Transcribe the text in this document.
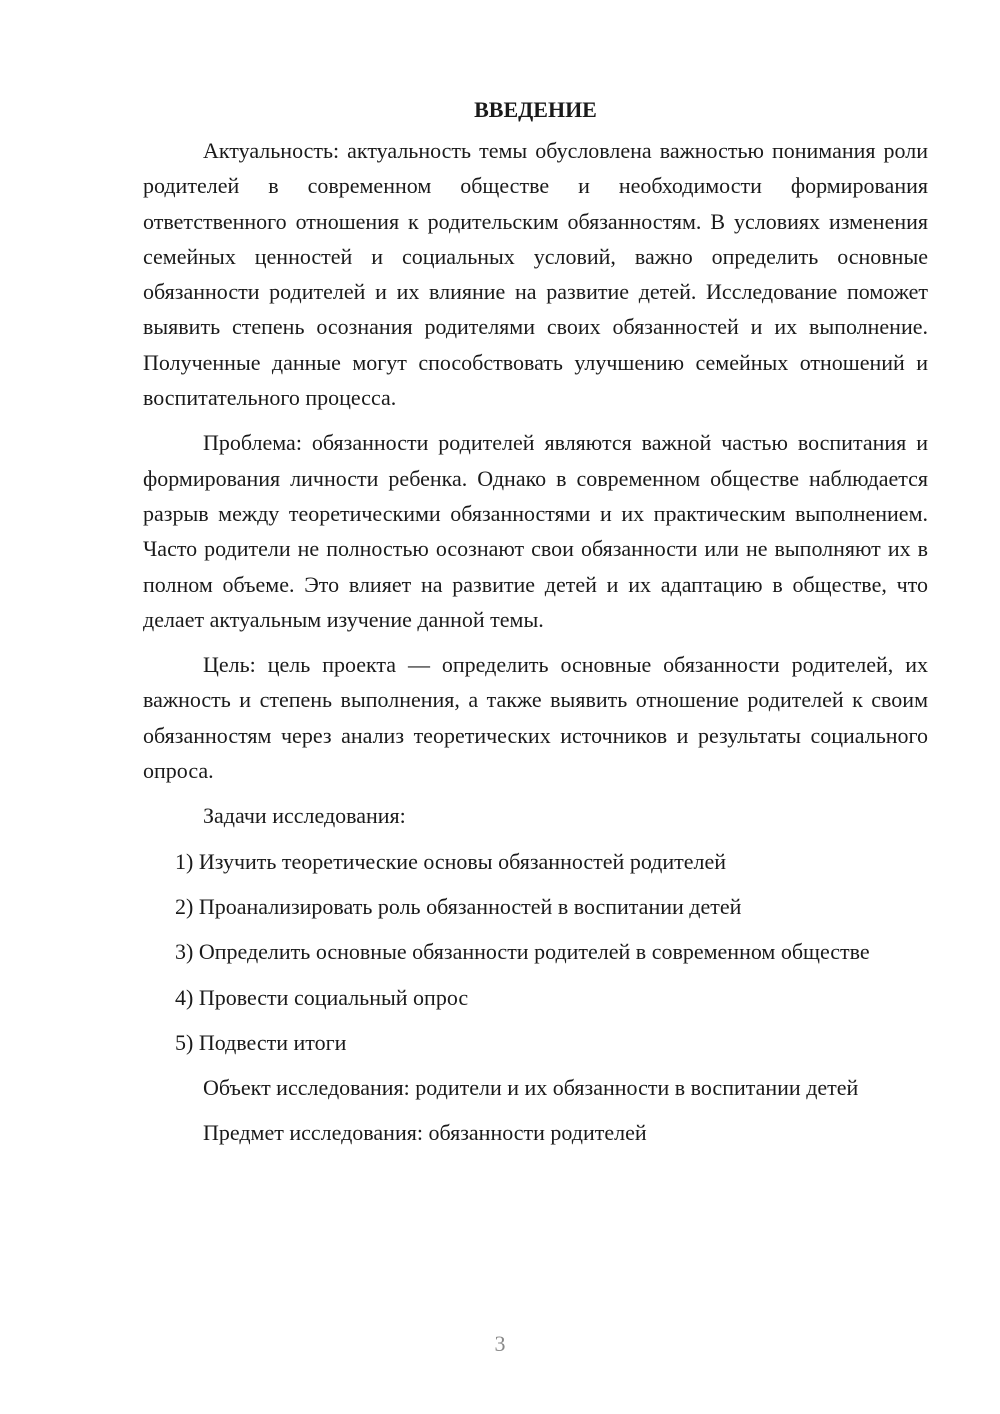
ВВЕДЕНИЕ

Актуальность: актуальность темы обусловлена важностью понимания роли родителей в современном обществе и необходимости формирования ответственного отношения к родительским обязанностям. В условиях изменения семейных ценностей и социальных условий, важно определить основные обязанности родителей и их влияние на развитие детей. Исследование поможет выявить степень осознания родителями своих обязанностей и их выполнение. Полученные данные могут способствовать улучшению семейных отношений и воспитательного процесса.

Проблема: обязанности родителей являются важной частью воспитания и формирования личности ребенка. Однако в современном обществе наблюдается разрыв между теоретическими обязанностями и их практическим выполнением. Часто родители не полностью осознают свои обязанности или не выполняют их в полном объеме. Это влияет на развитие детей и их адаптацию в обществе, что делает актуальным изучение данной темы.

Цель: цель проекта — определить основные обязанности родителей, их важность и степень выполнения, а также выявить отношение родителей к своим обязанностям через анализ теоретических источников и результаты социального опроса.

Задачи исследования:

1) Изучить теоретические основы обязанностей родителей

2) Проанализировать роль обязанностей в воспитании детей

3) Определить основные обязанности родителей в современном обществе

4) Провести социальный опрос

5) Подвести итоги

Объект исследования: родители и их обязанности в воспитании детей

Предмет исследования: обязанности родителей

3
